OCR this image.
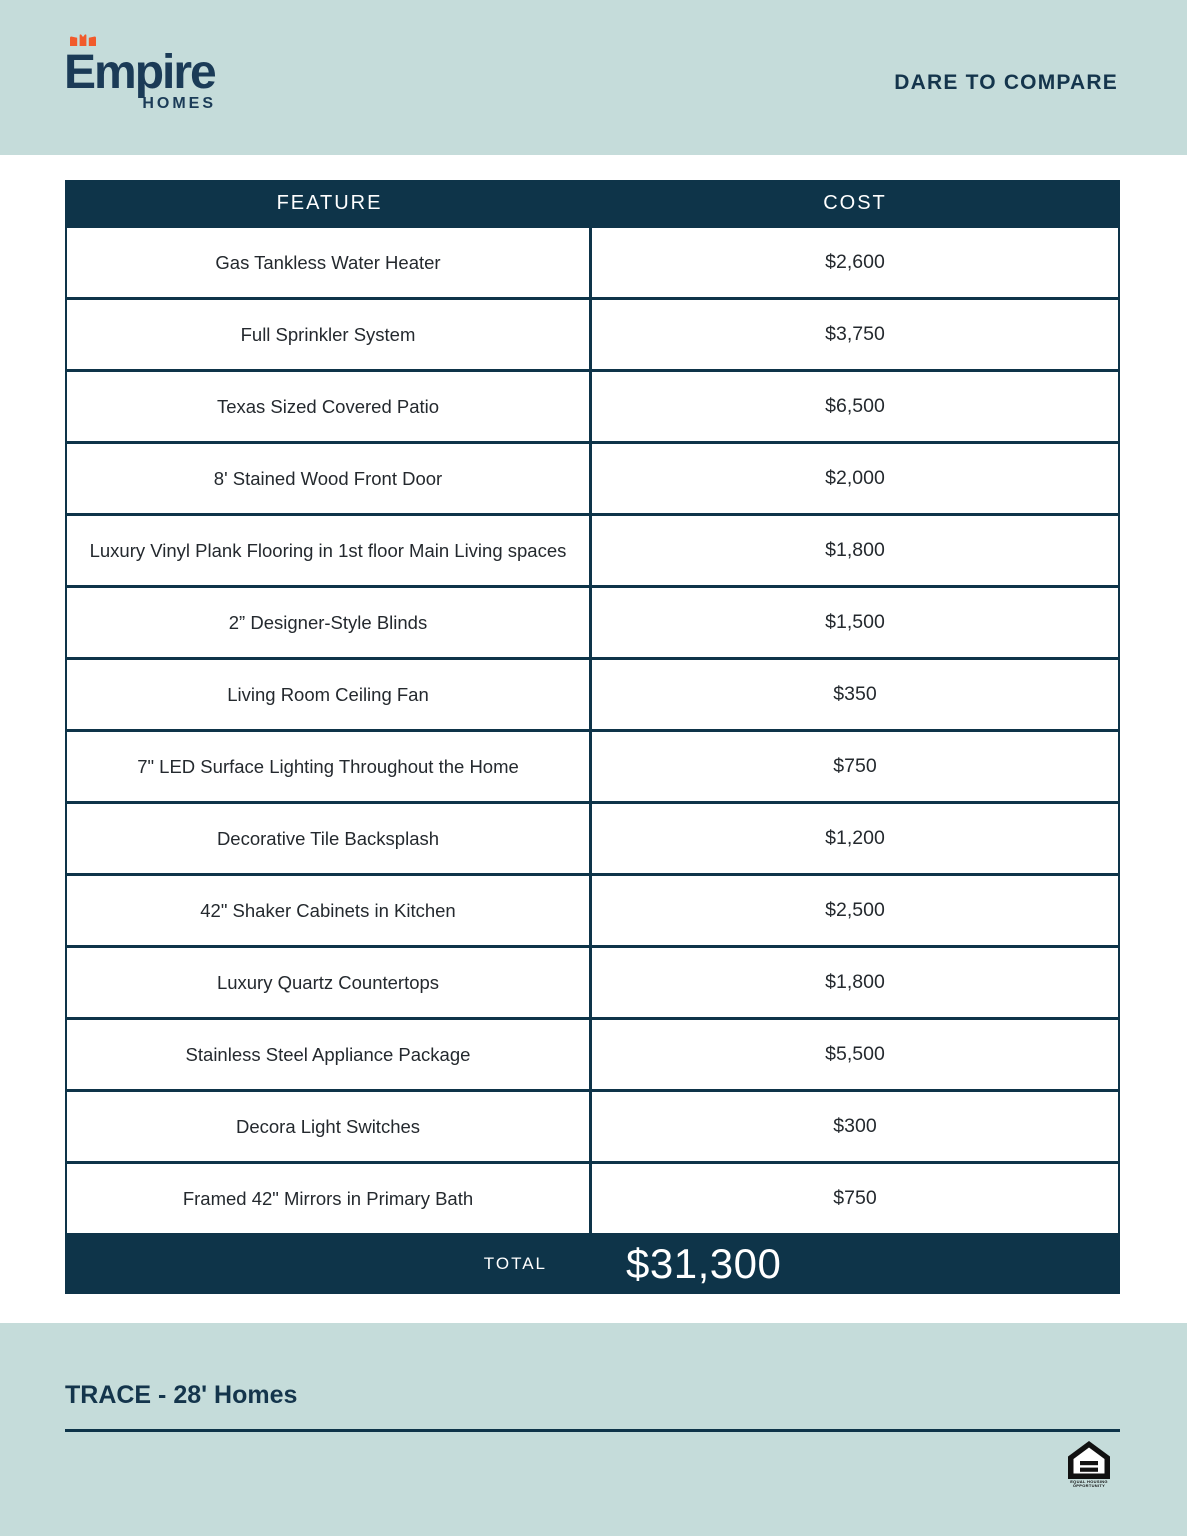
Empire
HOMES
DARE TO COMPARE
FEATURE	COST
Gas Tankless Water Heater	$2,600
Full Sprinkler System	$3,750
Texas Sized Covered Patio	$6,500
8' Stained Wood Front Door	$2,000
Luxury Vinyl Plank Flooring in 1st floor Main Living spaces	$1,800
2” Designer-Style Blinds	$1,500
Living Room Ceiling Fan	$350
7" LED Surface Lighting Throughout the Home	$750
Decorative Tile Backsplash	$1,200
42" Shaker Cabinets in Kitchen	$2,500
Luxury Quartz Countertops	$1,800
Stainless Steel Appliance Package	$5,500
Decora Light Switches	$300
Framed 42" Mirrors in Primary Bath	$750
TOTAL	$31,300
TRACE - 28' Homes
EQUAL HOUSING OPPORTUNITY
